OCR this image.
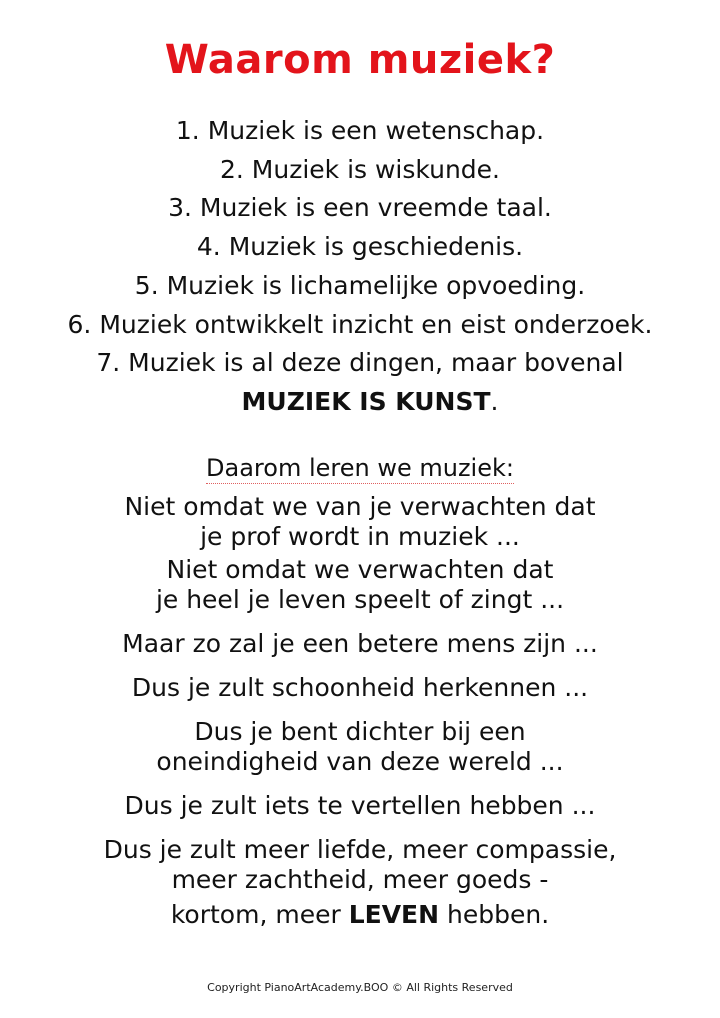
Waarom muziek?
1. Muziek is een wetenschap.
2. Muziek is wiskunde.
3. Muziek is een vreemde taal.
4. Muziek is geschiedenis.
5. Muziek is lichamelijke opvoeding.
6. Muziek ontwikkelt inzicht en eist onderzoek.
7. Muziek is al deze dingen, maar bovenal
MUZIEK IS KUNST.
Daarom leren we muziek:

Niet omdat we van je verwachten dat
je prof wordt in muziek ...

Niet omdat we verwachten dat
je heel je leven speelt of zingt ...

Maar zo zal je een betere mens zijn ...

Dus je zult schoonheid herkennen ...

Dus je bent dichter bij een
oneindigheid van deze wereld ...

Dus je zult iets te vertellen hebben ...

Dus je zult meer liefde, meer compassie,
meer zachtheid, meer goeds -
kortom, meer LEVEN hebben.

Copyright PianoArtAcademy.BOO © All Rights Reserved
